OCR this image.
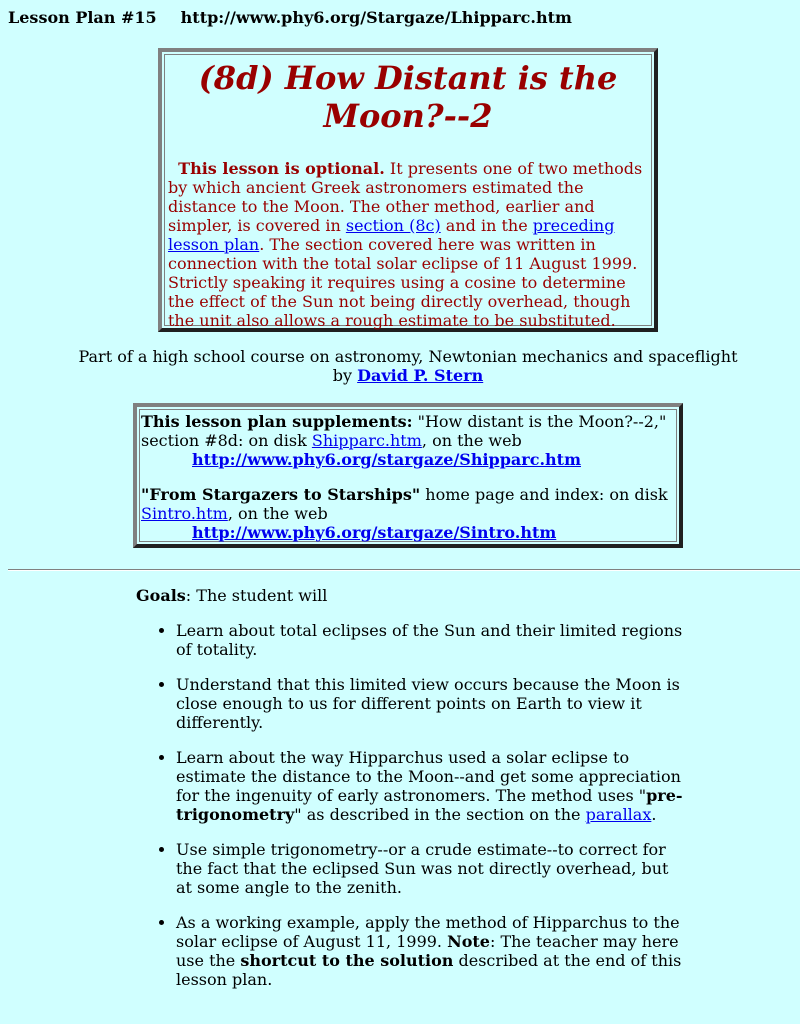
Lesson Plan #15 http://www.phy6.org/Stargaze/Lhipparc.htm
(8d) How Distant is the
Moon?--2
This lesson is optional. It presents one of two methods by which ancient Greek astronomers estimated the distance to the Moon. The other method, earlier and simpler, is covered in section (8c) and in the preceding lesson plan. The section covered here was written in connection with the total solar eclipse of 11 August 1999. Strictly speaking it requires using a cosine to determine the effect of the Sun not being directly overhead, though the unit also allows a rough estimate to be substituted.
Part of a high school course on astronomy, Newtonian mechanics and spaceflight
by David P. Stern
This lesson plan supplements: "How distant is the Moon?--2," section #8d: on disk Shipparc.htm, on the web
http://www.phy6.org/stargaze/Shipparc.htm
"From Stargazers to Starships" home page and index: on disk Sintro.htm, on the web
http://www.phy6.org/stargaze/Sintro.htm
Goals: The student will
• Learn about total eclipses of the Sun and their limited regions of totality.
• Understand that this limited view occurs because the Moon is close enough to us for different points on Earth to view it differently.
• Learn about the way Hipparchus used a solar eclipse to estimate the distance to the Moon--and get some appreciation for the ingenuity of early astronomers. The method uses "pre-trigonometry" as described in the section on the parallax.
• Use simple trigonometry--or a crude estimate--to correct for the fact that the eclipsed Sun was not directly overhead, but at some angle to the zenith.
• As a working example, apply the method of Hipparchus to the solar eclipse of August 11, 1999. Note: The teacher may here use the shortcut to the solution described at the end of this lesson plan.
